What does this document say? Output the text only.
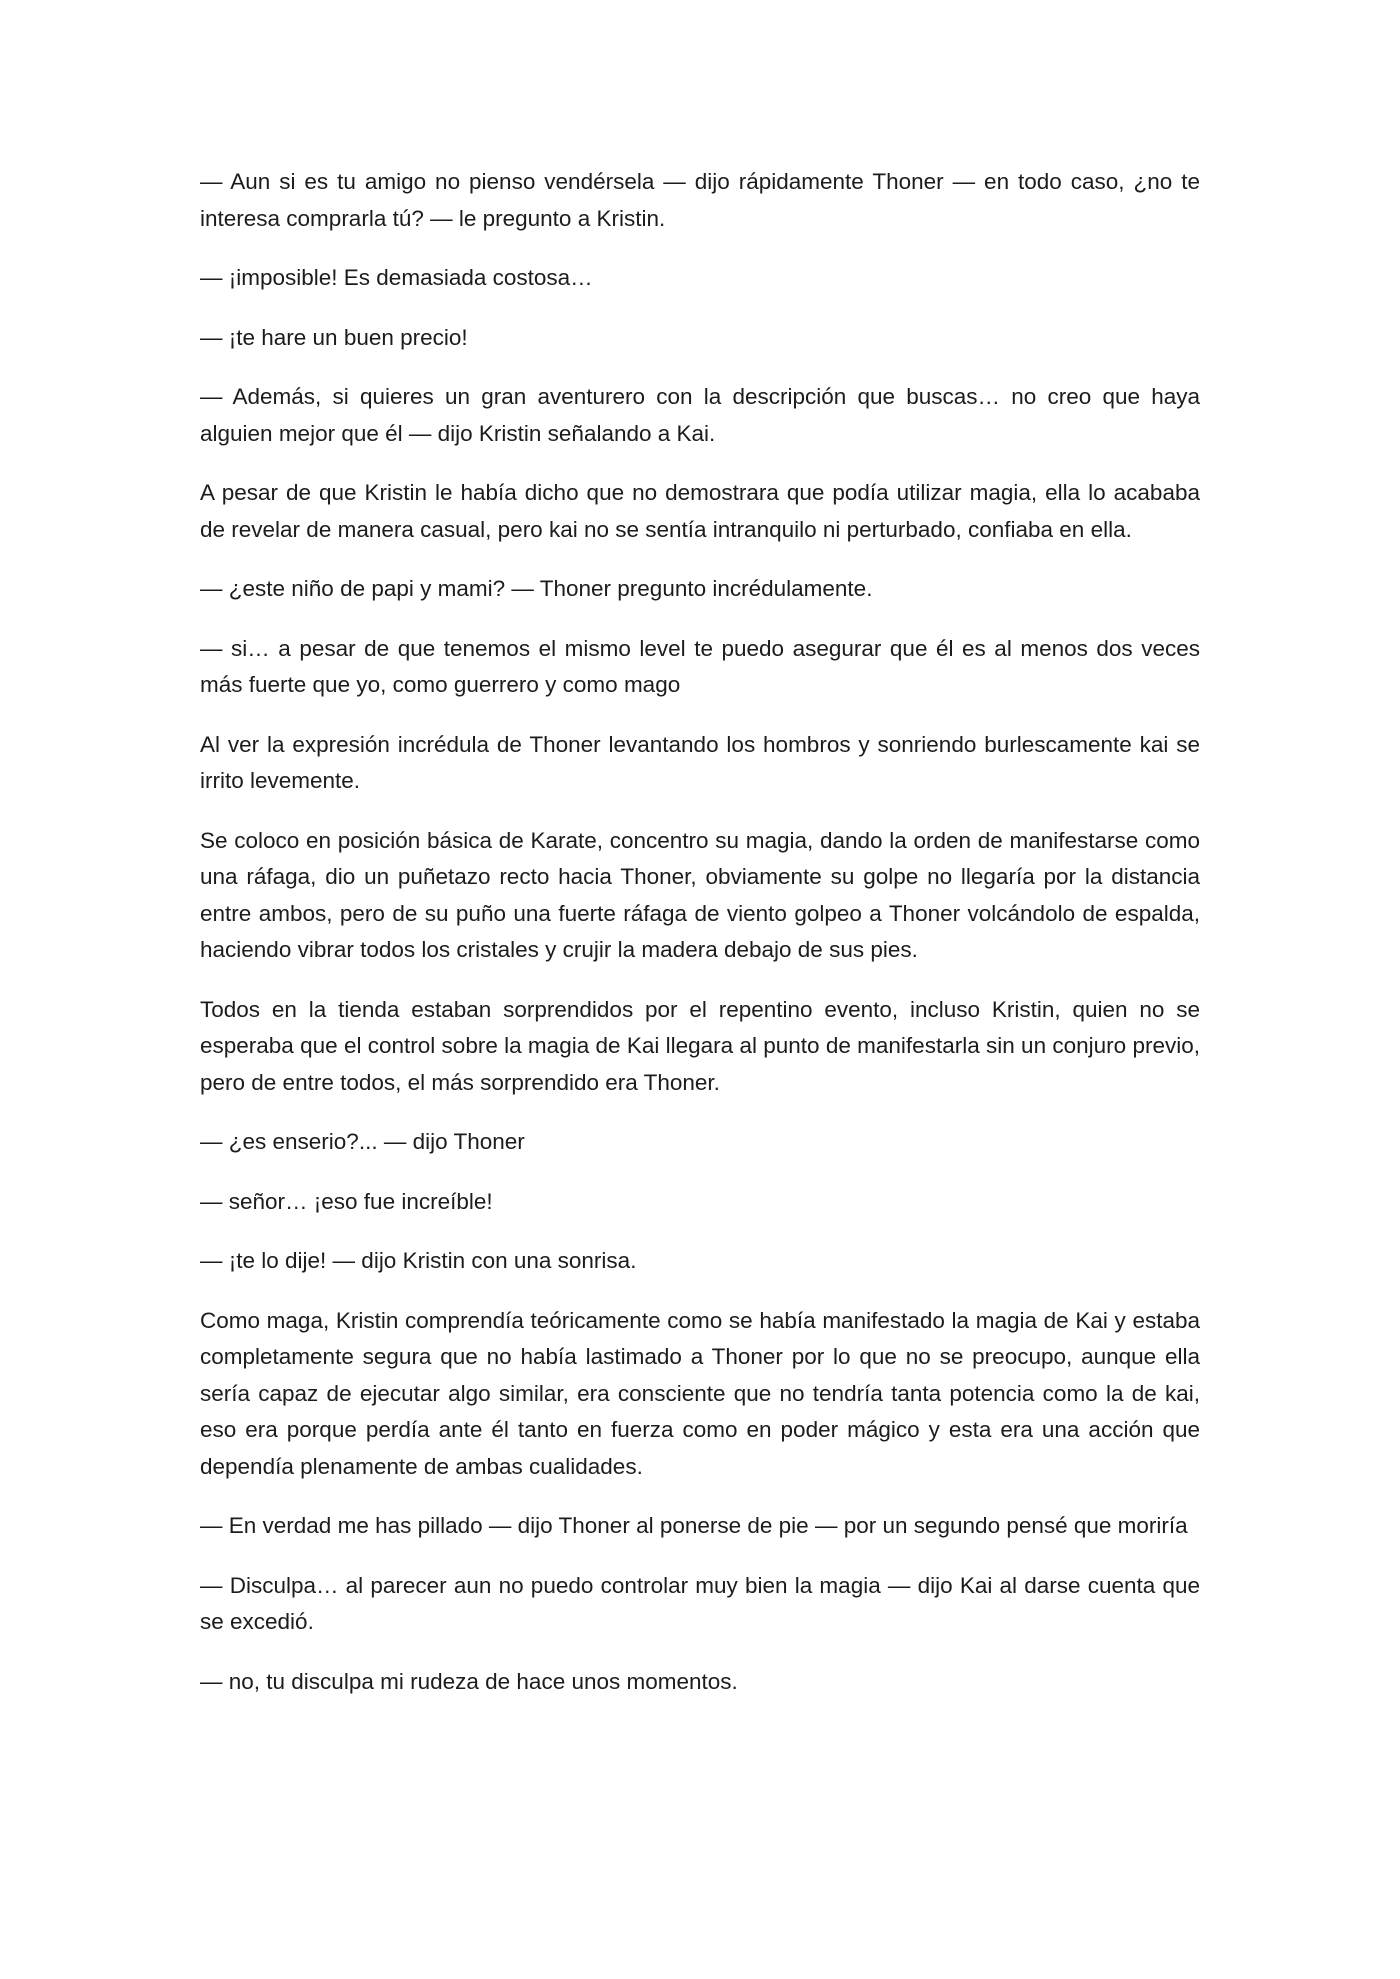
— Aun si es tu amigo no pienso vendérsela — dijo rápidamente Thoner — en todo caso, ¿no te interesa comprarla tú? — le pregunto a Kristin.

— ¡imposible! Es demasiada costosa…

— ¡te hare un buen precio!

— Además, si quieres un gran aventurero con la descripción que buscas… no creo que haya alguien mejor que él — dijo Kristin señalando a Kai.

A pesar de que Kristin le había dicho que no demostrara que podía utilizar magia, ella lo acababa de revelar de manera casual, pero kai no se sentía intranquilo ni perturbado, confiaba en ella.

— ¿este niño de papi y mami? — Thoner pregunto incrédulamente.

— si… a pesar de que tenemos el mismo level te puedo asegurar que él es al menos dos veces más fuerte que yo, como guerrero y como mago

Al ver la expresión incrédula de Thoner levantando los hombros y sonriendo burlescamente kai se irrito levemente.

Se coloco en posición básica de Karate, concentro su magia, dando la orden de manifestarse como una ráfaga, dio un puñetazo recto hacia Thoner, obviamente su golpe no llegaría por la distancia entre ambos, pero de su puño una fuerte ráfaga de viento golpeo a Thoner volcándolo de espalda, haciendo vibrar todos los cristales y crujir la madera debajo de sus pies.

Todos en la tienda estaban sorprendidos por el repentino evento, incluso Kristin, quien no se esperaba que el control sobre la magia de Kai llegara al punto de manifestarla sin un conjuro previo, pero de entre todos, el más sorprendido era Thoner.

— ¿es enserio?... — dijo Thoner

— señor… ¡eso fue increíble!

— ¡te lo dije! — dijo Kristin con una sonrisa.

Como maga, Kristin comprendía teóricamente como se había manifestado la magia de Kai y estaba completamente segura que no había lastimado a Thoner por lo que no se preocupo, aunque ella sería capaz de ejecutar algo similar, era consciente que no tendría tanta potencia como la de kai, eso era porque perdía ante él tanto en fuerza como en poder mágico y esta era una acción que dependía plenamente de ambas cualidades.

— En verdad me has pillado — dijo Thoner al ponerse de pie — por un segundo pensé que moriría

— Disculpa… al parecer aun no puedo controlar muy bien la magia — dijo Kai al darse cuenta que se excedió.

— no, tu disculpa mi rudeza de hace unos momentos.
